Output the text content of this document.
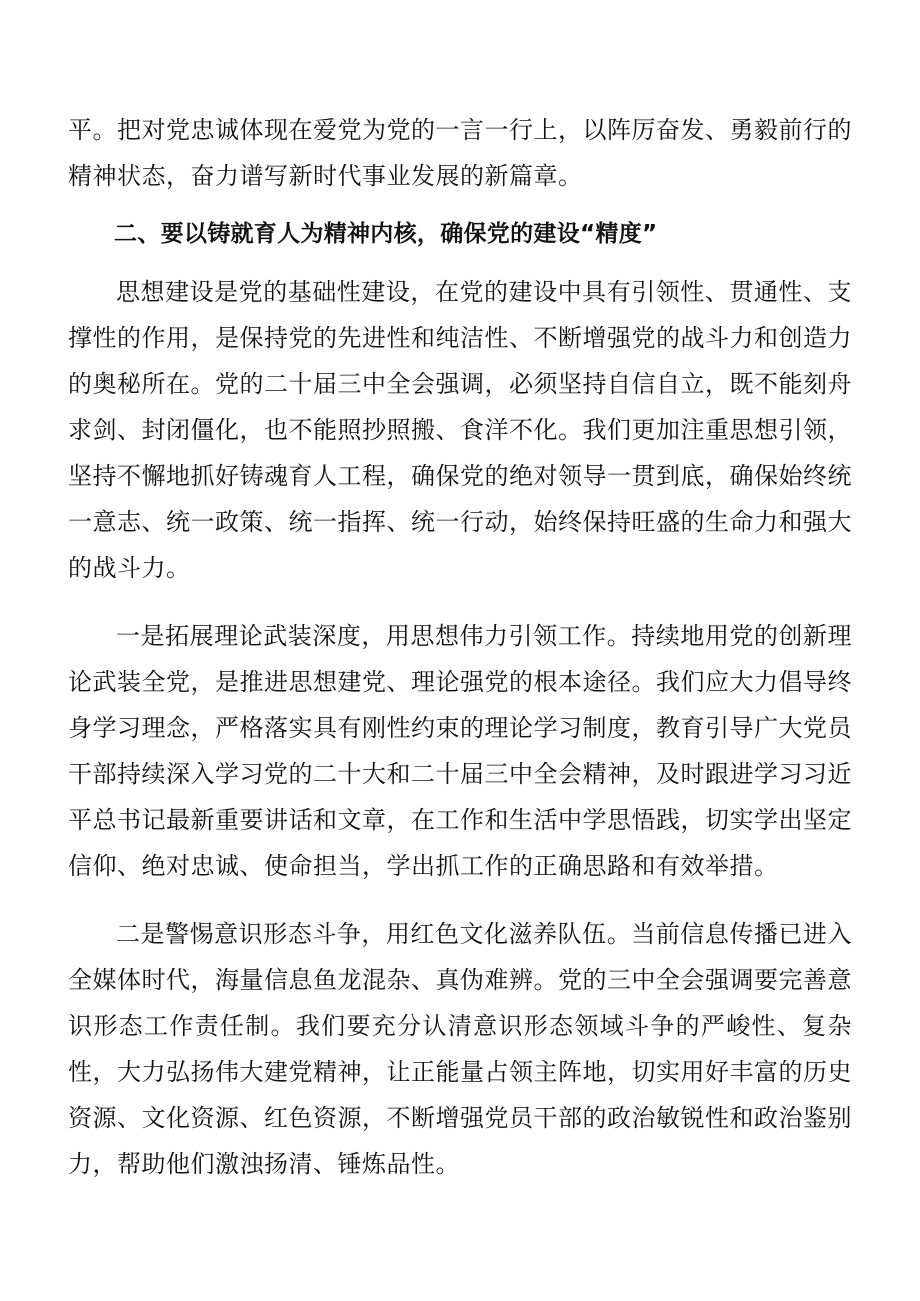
平。把对党忠诚体现在爱党为党的一言一行上，以阵厉奋发、勇毅前行的精神状态，奋力谱写新时代事业发展的新篇章。

二、要以铸就育人为精神内核，确保党的建设“精度”

思想建设是党的基础性建设，在党的建设中具有引领性、贯通性、支撑性的作用，是保持党的先进性和纯洁性、不断增强党的战斗力和创造力的奥秘所在。党的二十届三中全会强调，必须坚持自信自立，既不能刻舟求剑、封闭僵化，也不能照抄照搬、食洋不化。我们更加注重思想引领，坚持不懈地抓好铸魂育人工程，确保党的绝对领导一贯到底，确保始终统一意志、统一政策、统一指挥、统一行动，始终保持旺盛的生命力和强大的战斗力。

一是拓展理论武装深度，用思想伟力引领工作。持续地用党的创新理论武装全党，是推进思想建党、理论强党的根本途径。我们应大力倡导终身学习理念，严格落实具有刚性约束的理论学习制度，教育引导广大党员干部持续深入学习党的二十大和二十届三中全会精神，及时跟进学习习近平总书记最新重要讲话和文章，在工作和生活中学思悟践，切实学出坚定信仰、绝对忠诚、使命担当，学出抓工作的正确思路和有效举措。

二是警惕意识形态斗争，用红色文化滋养队伍。当前信息传播已进入全媒体时代，海量信息鱼龙混杂、真伪难辨。党的三中全会强调要完善意识形态工作责任制。我们要充分认清意识形态领域斗争的严峻性、复杂性，大力弘扬伟大建党精神，让正能量占领主阵地，切实用好丰富的历史资源、文化资源、红色资源，不断增强党员干部的政治敏锐性和政治鉴别力，帮助他们激浊扬清、锤炼品性。
